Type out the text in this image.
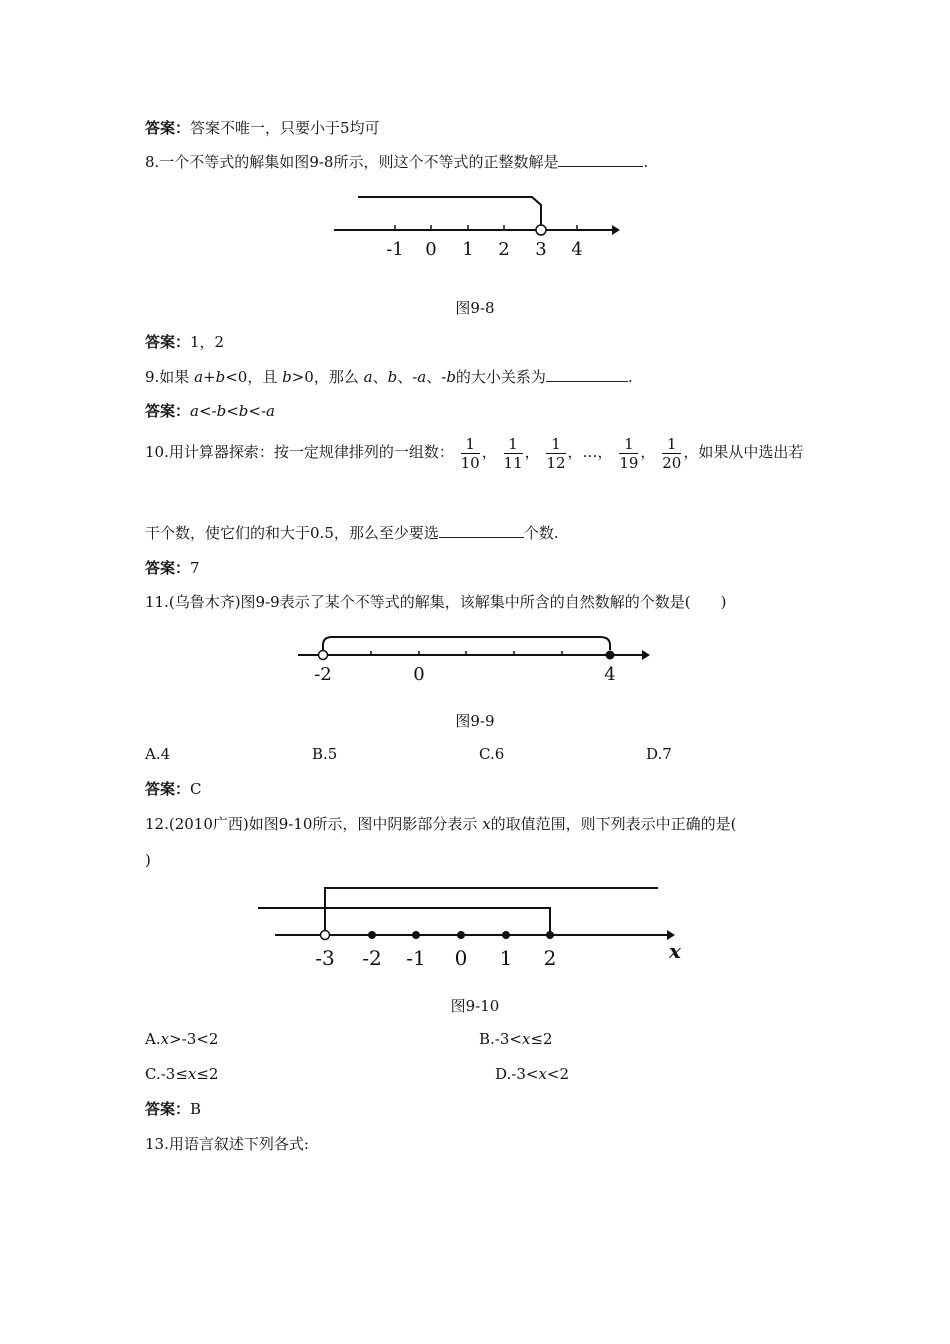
答案：答案不唯一，只要小于5均可
8.一个不等式的解集如图9-8所示，则这个不等式的正整数解是	.
-1 0 1 2 3 4
图9-8
答案：1，2
9.如果 a+b<0，且 b>0，那么 a、b、-a、-b的大小关系为	.
答案：a<-b<b<-a
10.用计算器探索：按一定规律排列的一组数： $\frac{1}{10}$ ， $\frac{1}{11}$ ， $\frac{1}{12}$ ，…， $\frac{1}{19}$ ， $\frac{1}{20}$ ，如果从中选出若
干个数，使它们的和大于0.5，那么至少要选	个数.
答案：7
11.(乌鲁木齐)图9-9表示了某个不等式的解集，该解集中所含的自然数解的个数是(　　)
-2	0	4
图9-9
A.4	B.5	C.6	D.7
答案：C
12.(2010广西)如图9-10所示，图中阴影部分表示 x的取值范围，则下列表示中正确的是(
)
-3 -2 -1 0 1 2	x
图9-10
A.x>-3<2	B.-3<x≤2
C.-3≤x≤2	D.-3<x<2
答案：B
13.用语言叙述下列各式:
